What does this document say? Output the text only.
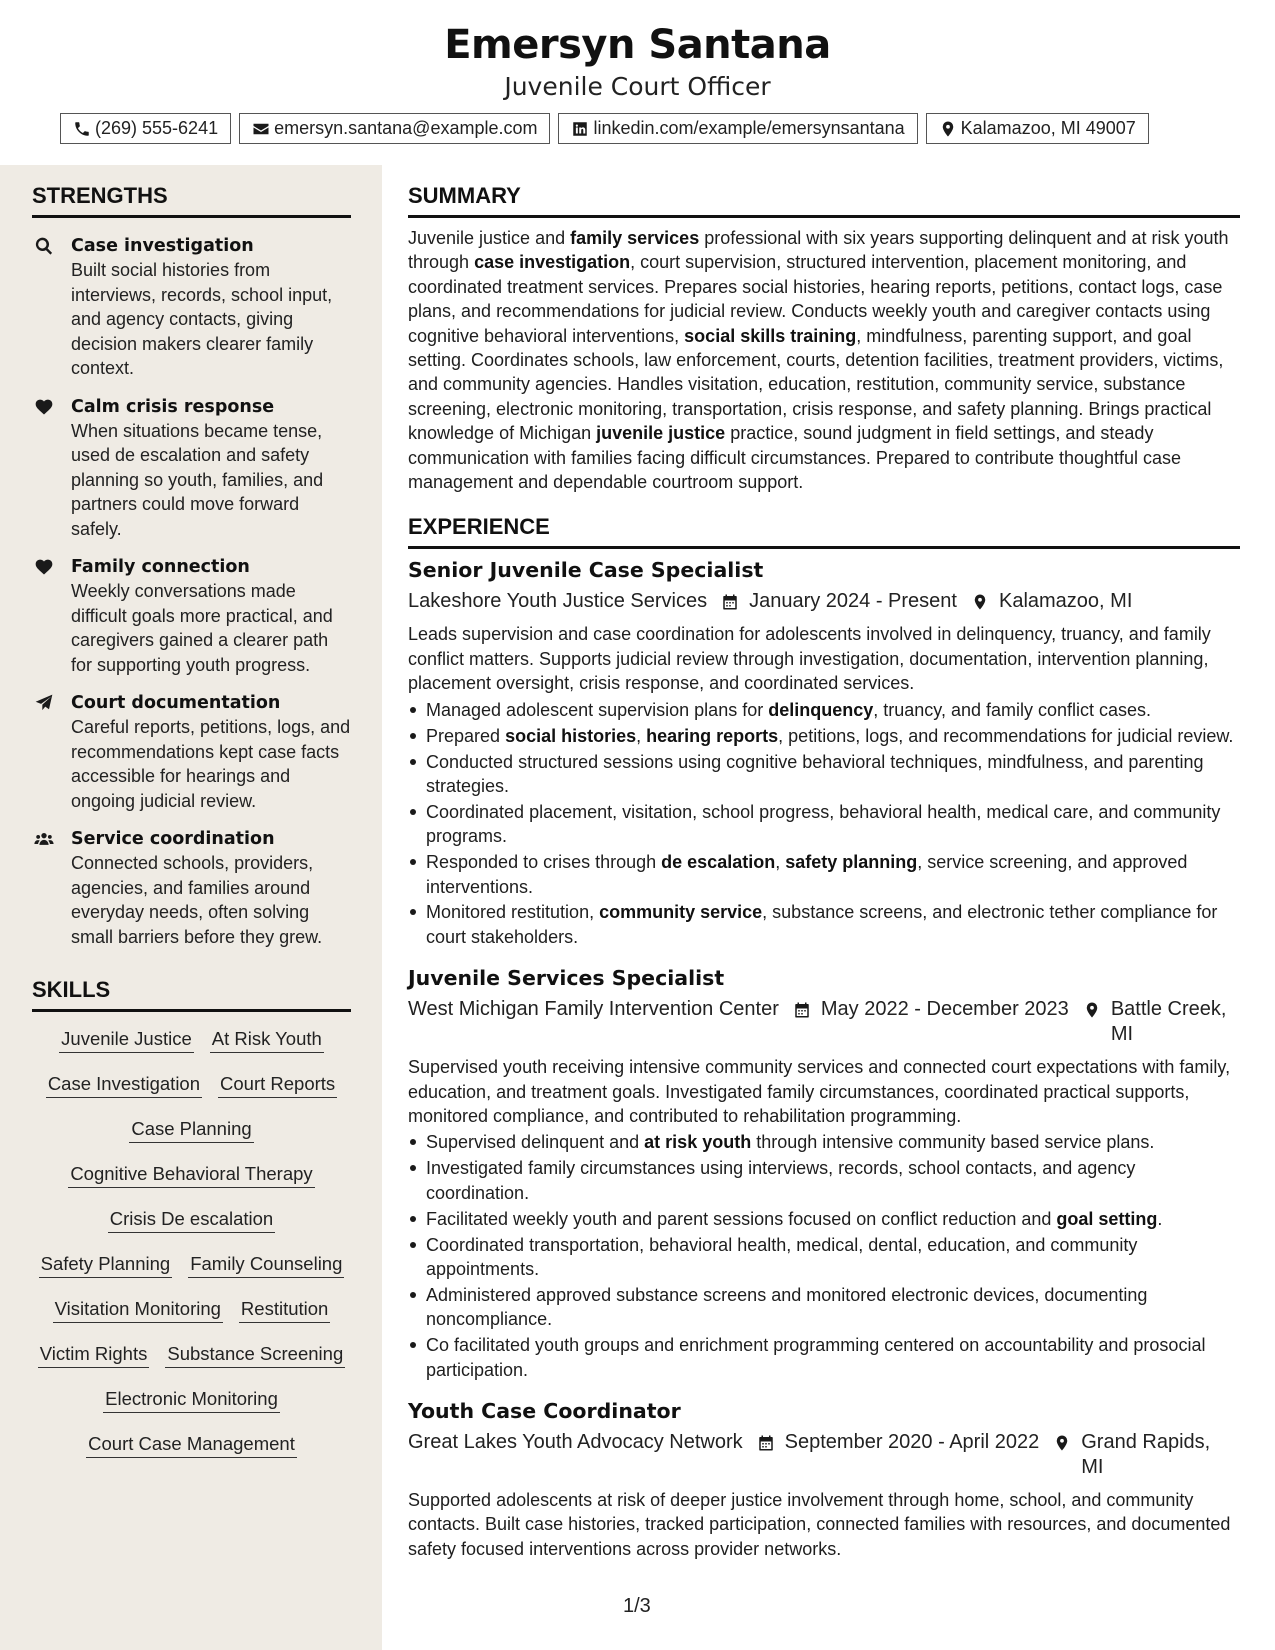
Emersyn Santana
Juvenile Court Officer
(269) 555-6241	emersyn.santana@example.com	linkedin.com/example/emersynsantana	Kalamazoo, MI 49007
STRENGTHS
Case investigation
Built social histories from interviews, records, school input, and agency contacts, giving decision makers clearer family context.
Calm crisis response
When situations became tense, used de escalation and safety planning so youth, families, and partners could move forward safely.
Family connection
Weekly conversations made difficult goals more practical, and caregivers gained a clearer path for supporting youth progress.
Court documentation
Careful reports, petitions, logs, and recommendations kept case facts accessible for hearings and ongoing judicial review.
Service coordination
Connected schools, providers, agencies, and families around everyday needs, often solving small barriers before they grew.
SKILLS
Juvenile Justice At Risk Youth
Case Investigation Court Reports
Case Planning
Cognitive Behavioral Therapy
Crisis De escalation
Safety Planning Family Counseling
Visitation Monitoring Restitution
Victim Rights Substance Screening
Electronic Monitoring
Court Case Management
SUMMARY
Juvenile justice and family services professional with six years supporting delinquent and at risk youth through case investigation, court supervision, structured intervention, placement monitoring, and coordinated treatment services. Prepares social histories, hearing reports, petitions, contact logs, case plans, and recommendations for judicial review. Conducts weekly youth and caregiver contacts using cognitive behavioral interventions, social skills training, mindfulness, parenting support, and goal setting. Coordinates schools, law enforcement, courts, detention facilities, treatment providers, victims, and community agencies. Handles visitation, education, restitution, community service, substance screening, electronic monitoring, transportation, crisis response, and safety planning. Brings practical knowledge of Michigan juvenile justice practice, sound judgment in field settings, and steady communication with families facing difficult circumstances. Prepared to contribute thoughtful case management and dependable courtroom support.
EXPERIENCE
Senior Juvenile Case Specialist
Lakeshore Youth Justice Services January 2024 - Present Kalamazoo, MI
Leads supervision and case coordination for adolescents involved in delinquency, truancy, and family conflict matters. Supports judicial review through investigation, documentation, intervention planning, placement oversight, crisis response, and coordinated services.
Managed adolescent supervision plans for delinquency, truancy, and family conflict cases.
Prepared social histories, hearing reports, petitions, logs, and recommendations for judicial review.
Conducted structured sessions using cognitive behavioral techniques, mindfulness, and parenting strategies.
Coordinated placement, visitation, school progress, behavioral health, medical care, and community programs.
Responded to crises through de escalation, safety planning, service screening, and approved interventions.
Monitored restitution, community service, substance screens, and electronic tether compliance for court stakeholders.
Juvenile Services Specialist
West Michigan Family Intervention Center May 2022 - December 2023 Battle Creek, MI
Supervised youth receiving intensive community services and connected court expectations with family, education, and treatment goals. Investigated family circumstances, coordinated practical supports, monitored compliance, and contributed to rehabilitation programming.
Supervised delinquent and at risk youth through intensive community based service plans.
Investigated family circumstances using interviews, records, school contacts, and agency coordination.
Facilitated weekly youth and parent sessions focused on conflict reduction and goal setting.
Coordinated transportation, behavioral health, medical, dental, education, and community appointments.
Administered approved substance screens and monitored electronic devices, documenting noncompliance.
Co facilitated youth groups and enrichment programming centered on accountability and prosocial participation.
Youth Case Coordinator
Great Lakes Youth Advocacy Network September 2020 - April 2022 Grand Rapids, MI
Supported adolescents at risk of deeper justice involvement through home, school, and community contacts. Built case histories, tracked participation, connected families with resources, and documented safety focused interventions across provider networks.
1/3
